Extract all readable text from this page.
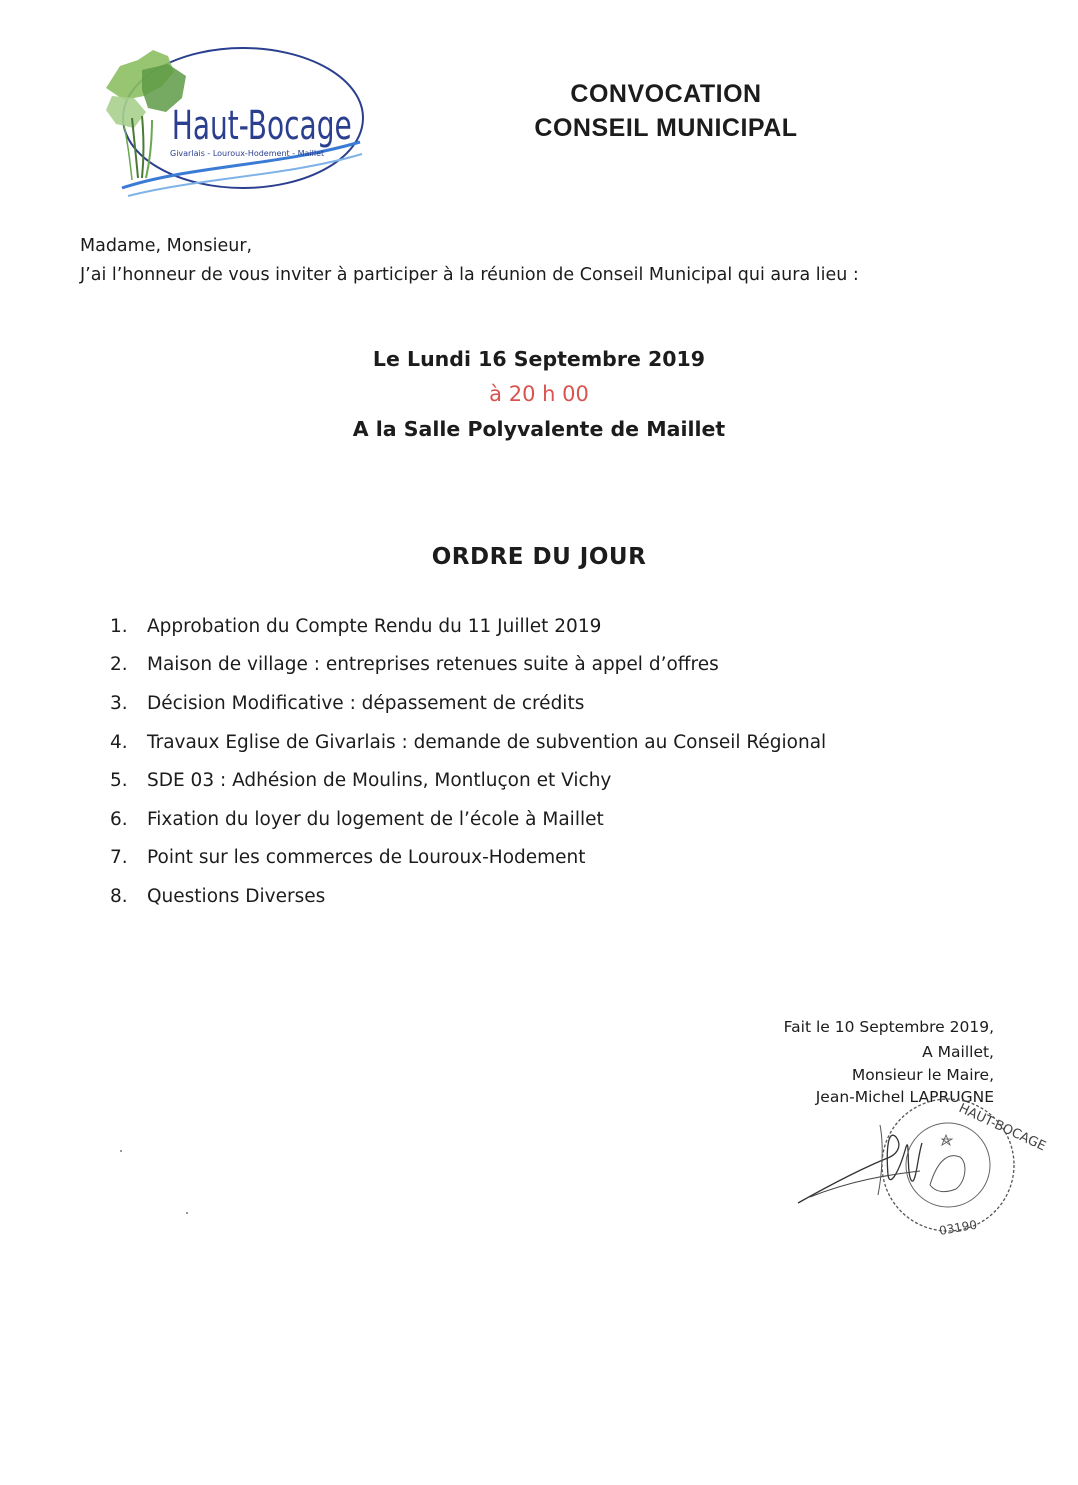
Haut-Bocage
Givarlais - Louroux-Hodement - Maillet
CONVOCATION
CONSEIL MUNICIPAL
Madame, Monsieur,
J’ai l’honneur de vous inviter à participer à la réunion de Conseil Municipal qui aura lieu :
Le Lundi 16 Septembre 2019
à 20 h 00
A la Salle Polyvalente de Maillet
ORDRE DU JOUR
1.	Approbation du Compte Rendu du 11 Juillet 2019
2.	Maison de village : entreprises retenues suite à appel d’offres
3.	Décision Modificative : dépassement de crédits
4.	Travaux Eglise de Givarlais : demande de subvention au Conseil Régional
5.	SDE 03 : Adhésion de Moulins, Montluçon et Vichy
6.	Fixation du loyer du logement de l’école à Maillet
7.	Point sur les commerces de Louroux-Hodement
8.	Questions Diverses
Fait le 10 Septembre 2019,
A Maillet,
Monsieur le Maire,
Jean-Michel LAPRUGNE
HAUT-BOCAGE
03190
